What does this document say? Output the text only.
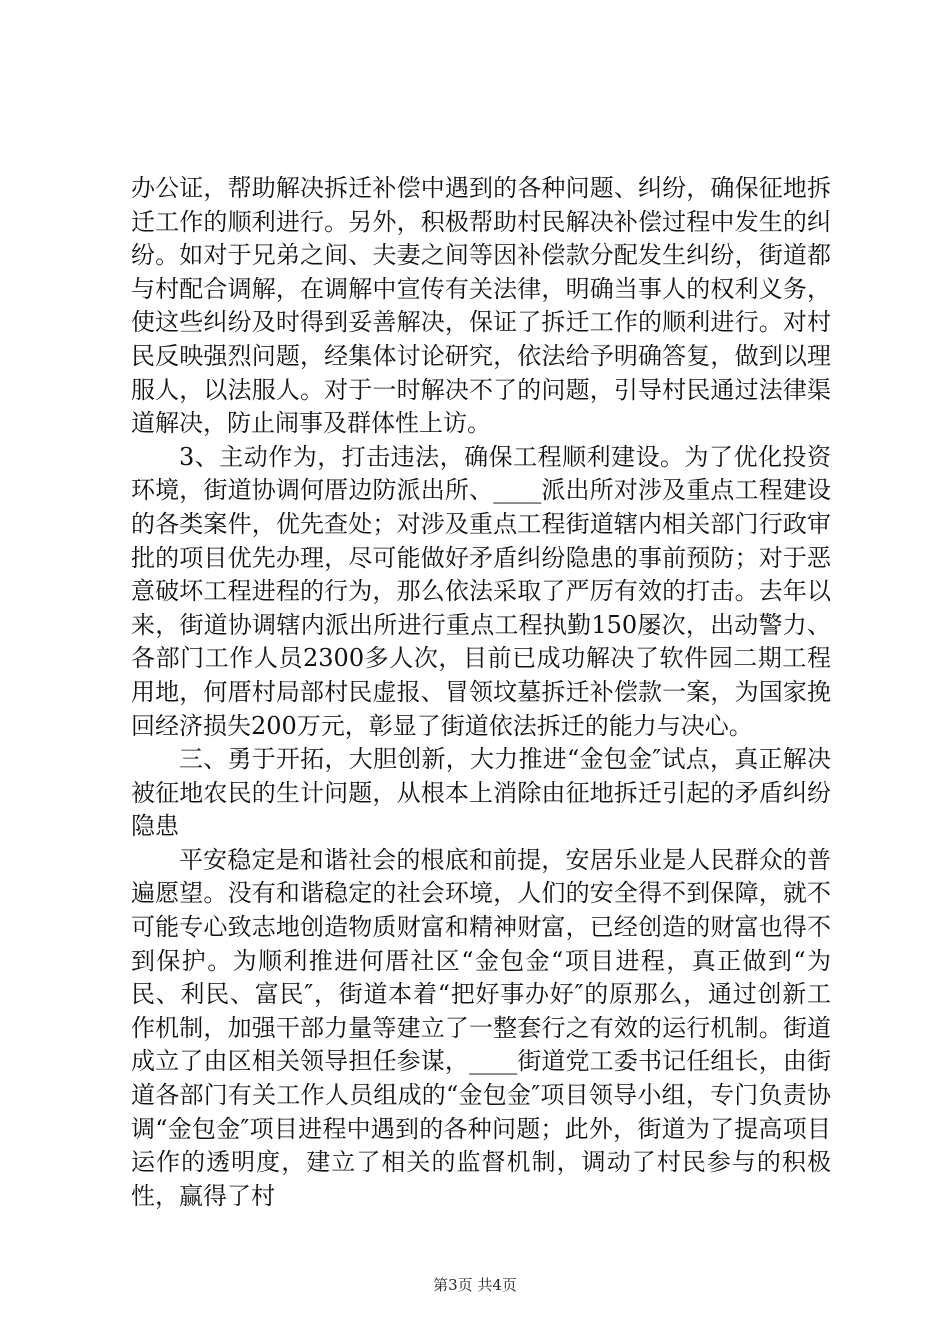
办公证，帮助解决拆迁补偿中遇到的各种问题、纠纷，确保征地拆迁工作的顺利进行。另外，积极帮助村民解决补偿过程中发生的纠纷。如对于兄弟之间、夫妻之间等因补偿款分配发生纠纷，街道都与村配合调解，在调解中宣传有关法律，明确当事人的权利义务，使这些纠纷及时得到妥善解决，保证了拆迁工作的顺利进行。对村民反映强烈问题，经集体讨论研究，依法给予明确答复，做到以理服人，以法服人。对于一时解决不了的问题，引导村民通过法律渠道解决，防止闹事及群体性上访。

3、主动作为，打击违法，确保工程顺利建设。为了优化投资环境，街道协调何厝边防派出所、____派出所对涉及重点工程建设的各类案件，优先查处；对涉及重点工程街道辖内相关部门行政审批的项目优先办理，尽可能做好矛盾纠纷隐患的事前预防；对于恶意破坏工程进程的行为，那么依法采取了严厉有效的打击。去年以来，街道协调辖内派出所进行重点工程执勤150屡次，出动警力、各部门工作人员2300多人次，目前已成功解决了软件园二期工程用地，何厝村局部村民虚报、冒领坟墓拆迁补偿款一案，为国家挽回经济损失200万元，彰显了街道依法拆迁的能力与决心。

三、勇于开拓，大胆创新，大力推进“金包金″试点，真正解决被征地农民的生计问题，从根本上消除由征地拆迁引起的矛盾纠纷隐患

平安稳定是和谐社会的根底和前提，安居乐业是人民群众的普遍愿望。没有和谐稳定的社会环境，人们的安全得不到保障，就不可能专心致志地创造物质财富和精神财富，已经创造的财富也得不到保护。为顺利推进何厝社区“金包金“项目进程，真正做到“为民、利民、富民″，街道本着“把好事办好″的原那么，通过创新工作机制，加强干部力量等建立了一整套行之有效的运行机制。街道成立了由区相关领导担任参谋，____街道党工委书记任组长，由街道各部门有关工作人员组成的“金包金″项目领导小组，专门负责协调“金包金″项目进程中遇到的各种问题；此外，街道为了提高项目运作的透明度，建立了相关的监督机制，调动了村民参与的积极性，赢得了村

第3页 共4页
